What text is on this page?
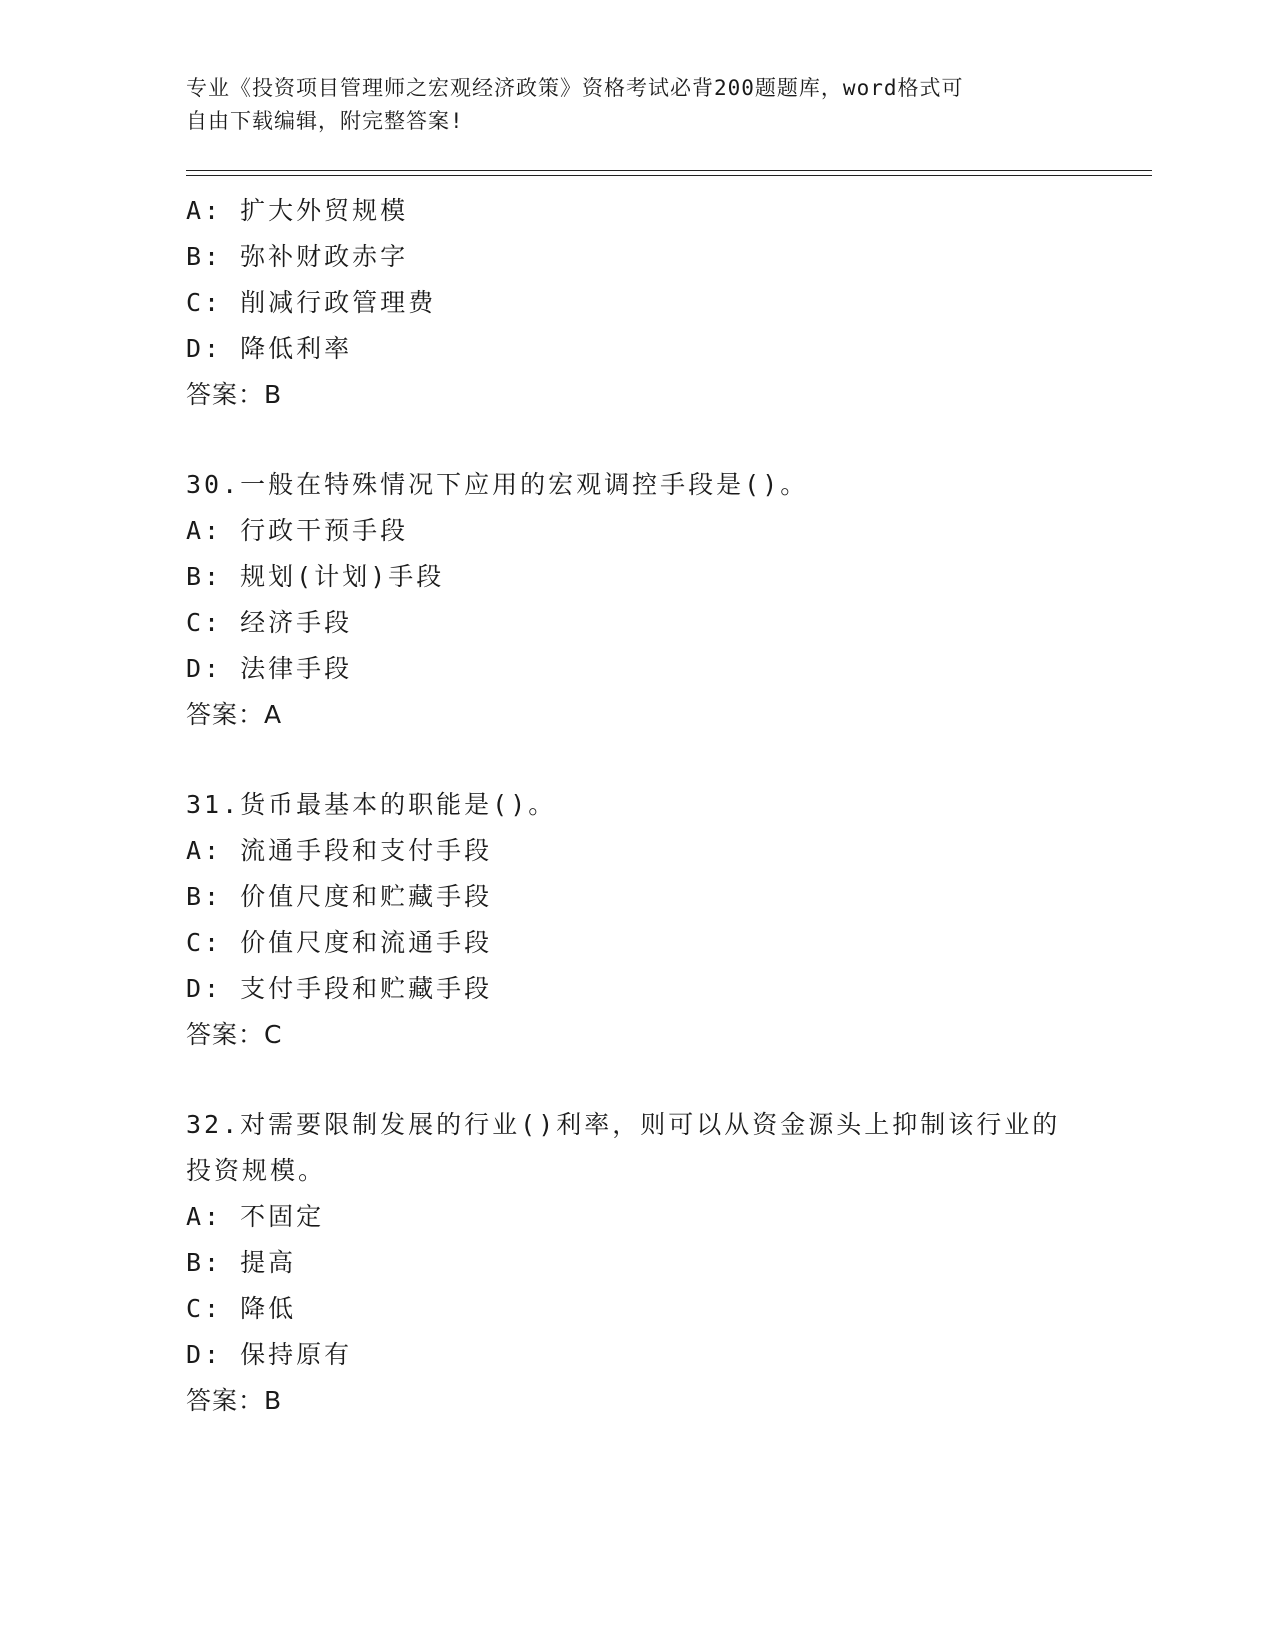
专业《投资项目管理师之宏观经济政策》资格考试必背200题题库，word格式可
自由下载编辑，附完整答案!
A: 扩大外贸规模
B: 弥补财政赤字
C: 削减行政管理费
D: 降低利率
答案：B
30.一般在特殊情况下应用的宏观调控手段是()。
A: 行政干预手段
B: 规划(计划)手段
C: 经济手段
D: 法律手段
答案：A
31.货币最基本的职能是()。
A: 流通手段和支付手段
B: 价值尺度和贮藏手段
C: 价值尺度和流通手段
D: 支付手段和贮藏手段
答案：C
32.对需要限制发展的行业()利率，则可以从资金源头上抑制该行业的
投资规模。
A: 不固定
B: 提高
C: 降低
D: 保持原有
答案：B
